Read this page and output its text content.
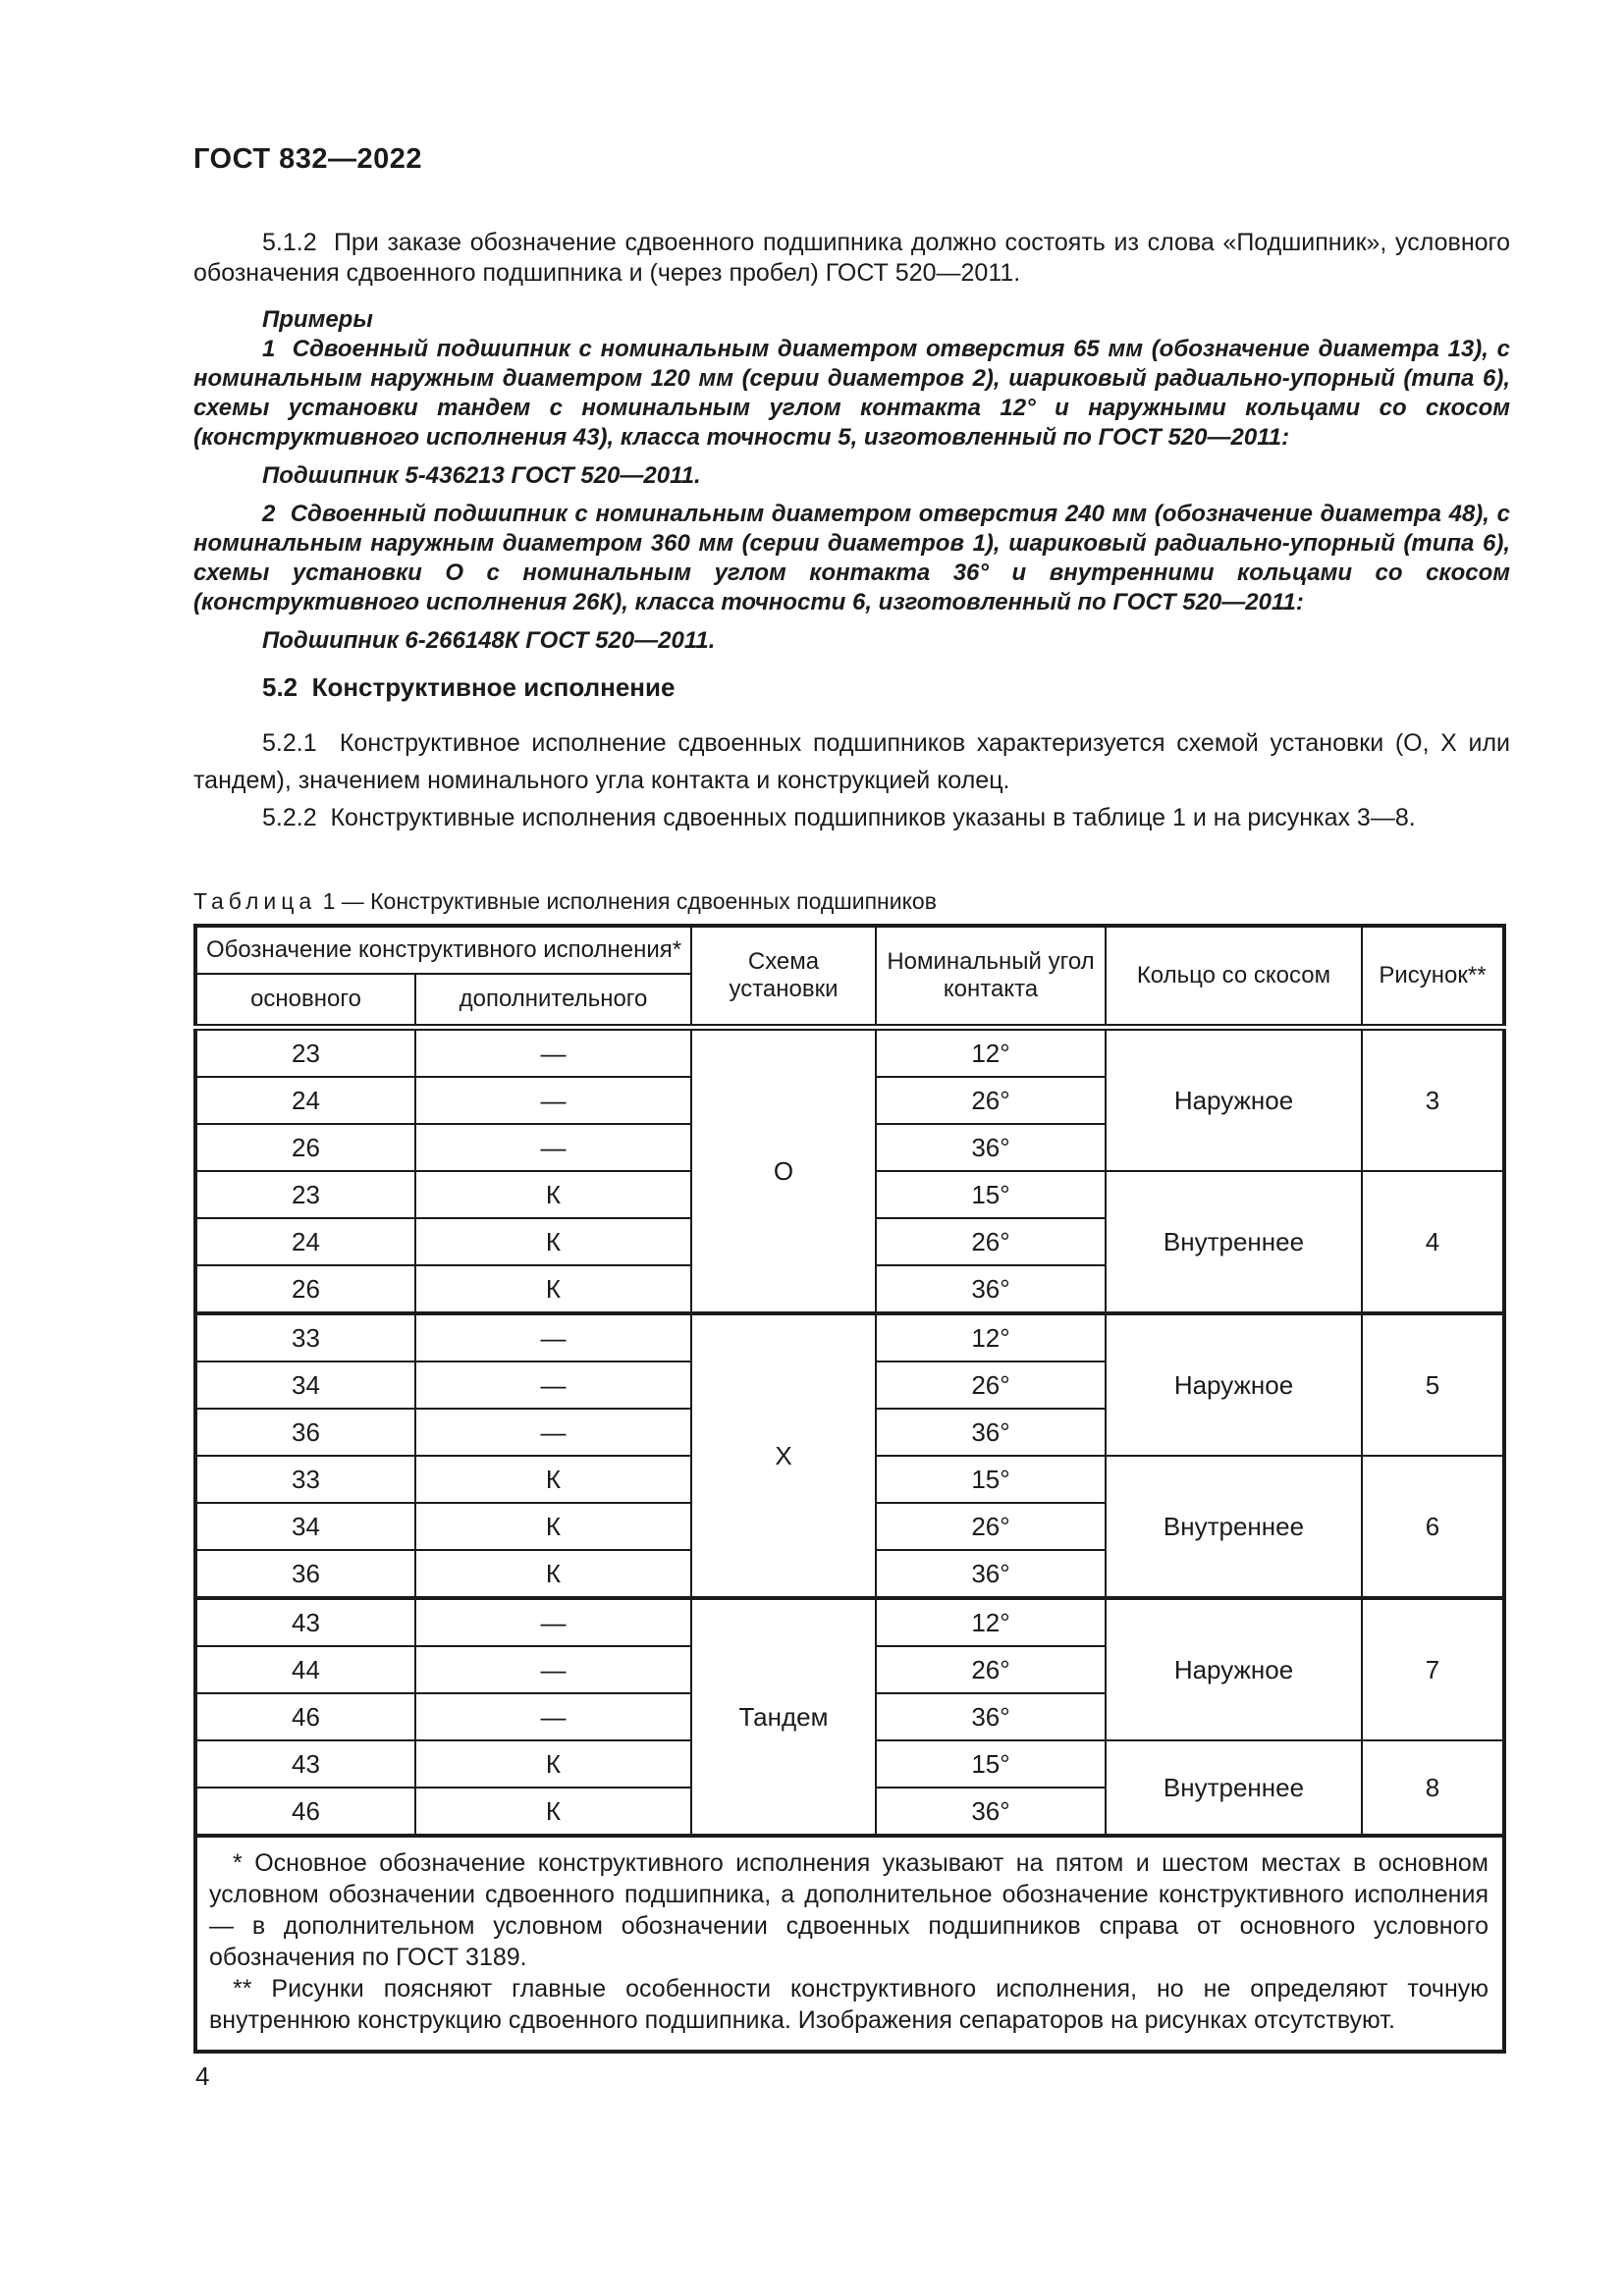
ГОСТ 832—2022

5.1.2  При заказе обозначение сдвоенного подшипника должно состоять из слова «Подшипник», условного обозначения сдвоенного подшипника и (через пробел) ГОСТ 520—2011.

Примеры

1  Сдвоенный подшипник с номинальным диаметром отверстия 65 мм (обозначение диаметра 13), с номинальным наружным диаметром 120 мм (серии диаметров 2), шариковый радиально-упорный (типа 6), схемы установки тандем с номинальным углом контакта 12° и наружными кольцами со скосом (конструктивного исполнения 43), класса точности 5, изготовленный по ГОСТ 520—2011:

Подшипник 5-436213 ГОСТ 520—2011.

2  Сдвоенный подшипник с номинальным диаметром отверстия 240 мм (обозначение диаметра 48), с номинальным наружным диаметром 360 мм (серии диаметров 1), шариковый радиально-упорный (типа 6), схемы установки О с номинальным углом контакта 36° и внутренними кольцами со скосом (конструктивного исполнения 26К), класса точности 6, изготовленный по ГОСТ 520—2011:

Подшипник 6-266148К ГОСТ 520—2011.

5.2  Конструктивное исполнение

5.2.1  Конструктивное исполнение сдвоенных подшипников характеризуется схемой установки (О, Х или тандем), значением номинального угла контакта и конструкцией колец.

5.2.2  Конструктивные исполнения сдвоенных подшипников указаны в таблице 1 и на рисунках 3—8.

Таблица 1 — Конструктивные исполнения сдвоенных подшипников
Обозначение конструктивного исполнения*		Схема установки	Номинальный угол контакта	Кольцо со скосом	Рисунок**
основного	дополнительного				
23	—	О	12°	Наружное	3
24	—		26°		
26	—		36°		
23	К		15°	Внутреннее	4
24	К		26°		
26	К		36°		
33	—	Х	12°	Наружное	5
34	—		26°		
36	—		36°		
33	К		15°	Внутреннее	6
34	К		26°		
36	К		36°		
43	—	Тандем	12°	Наружное	7
44	—		26°		
46	—		36°		
43	К		15°	Внутреннее	8
46	К		36°		

* Основное обозначение конструктивного исполнения указывают на пятом и шестом местах в основном условном обозначении сдвоенного подшипника, а дополнительное обозначение конструктивного исполнения — в дополнительном условном обозначении сдвоенных подшипников справа от основного условного обозначения по ГОСТ 3189.

** Рисунки поясняют главные особенности конструктивного исполнения, но не определяют точную внутреннюю конструкцию сдвоенного подшипника. Изображения сепараторов на рисунках отсутствуют.					

4
